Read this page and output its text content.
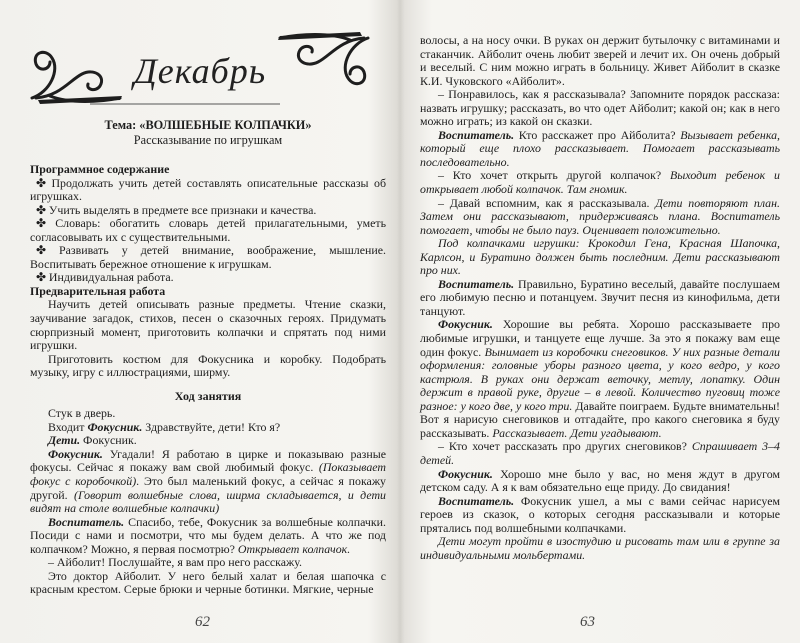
Декабрь
Тема: «ВОЛШЕБНЫЕ КОЛПАЧКИ»
Рассказывание по игрушкам

Программное содержание

✤ Продолжать учить детей составлять описательные рассказы об игрушках.

✤ Учить выделять в предмете все признаки и качества.

✤ Словарь: обогатить словарь детей прилагательными, уметь согласовывать их с существительными.

✤ Развивать у детей внимание, воображение, мышление. Воспитывать бережное отношение к игрушкам.

✤ Индивидуальная работа.

Предварительная работа

Научить детей описывать разные предметы. Чтение сказки, заучивание загадок, стихов, песен о сказочных героях. Придумать сюрпризный момент, приготовить колпачки и спрятать под ними игрушки.

Приготовить костюм для Фокусника и коробку. Подобрать музыку, игру с иллюстрациями, ширму.

Ход занятия

Стук в дверь.

Входит Фокусник. Здравствуйте, дети! Кто я?

Дети. Фокусник.

Фокусник. Угадали! Я работаю в цирке и показываю разные фокусы. Сейчас я покажу вам свой любимый фокус. (Показывает фокус с коробочкой). Это был маленький фокус, а сейчас я покажу другой. (Говорит волшебные слова, ширма складывается, и дети видят на столе волшебные колпачки)

Воспитатель. Спасибо, тебе, Фокусник за волшебные колпачки. Посиди с нами и посмотри, что мы будем делать. А что же под колпачком? Можно, я первая посмотрю? Открывает колпачок.

– Айболит! Послушайте, я вам про него расскажу.

Это доктор Айболит. У него белый халат и белая шапочка с красным крестом. Серые брюки и черные ботинки. Мягкие, черные

62

волосы, а на носу очки. В руках он держит бутылочку с витаминами и стаканчик. Айболит очень любит зверей и лечит их. Он очень добрый и веселый. С ним можно играть в больницу. Живет Айболит в сказке К.И. Чуковского «Айболит».

– Понравилось, как я рассказывала? Запомните порядок рассказа: назвать игрушку; рассказать, во что одет Айболит; какой он; как в него можно играть; из какой он сказки.

Воспитатель. Кто расскажет про Айболита? Вызывает ребенка, который еще плохо рассказывает. Помогает рассказывать последовательно.

– Кто хочет открыть другой колпачок? Выходит ребенок и открывает любой колпачок. Там гномик.

– Давай вспомним, как я рассказывала. Дети повторяют план. Затем они рассказывают, придерживаясь плана. Воспитатель помогает, чтобы не было пауз. Оценивает положительно.

Под колпачками игрушки: Крокодил Гена, Красная Шапочка, Карлсон, и Буратино должен быть последним. Дети рассказывают про них.

Воспитатель. Правильно, Буратино веселый, давайте послушаем его любимую песню и потанцуем. Звучит песня из кинофильма, дети танцуют.

Фокусник. Хорошие вы ребята. Хорошо рассказываете про любимые игрушки, и танцуете еще лучше. За это я покажу вам еще один фокус. Вынимает из коробочки снеговиков. У них разные детали оформления: головные уборы разного цвета, у кого ведро, у кого кастрюля. В руках они держат веточку, метлу, лопатку. Один держит в правой руке, другие – в левой. Количество пуговиц тоже разное: у кого две, у кого три. Давайте поиграем. Будьте внимательны! Вот я нарисую снеговиков и отгадайте, про какого снеговика я буду рассказывать. Рассказывает. Дети угадывают.

– Кто хочет рассказать про других снеговиков? Спрашивает 3–4 детей.

Фокусник. Хорошо мне было у вас, но меня ждут в другом детском саду. А я к вам обязательно еще приду. До свидания!

Воспитатель. Фокусник ушел, а мы с вами сейчас нарисуем героев из сказок, о которых сегодня рассказывали и которые прятались под волшебными колпачками.

Дети могут пройти в изостудию и рисовать там или в группе за индивидуальными мольбертами.

63
